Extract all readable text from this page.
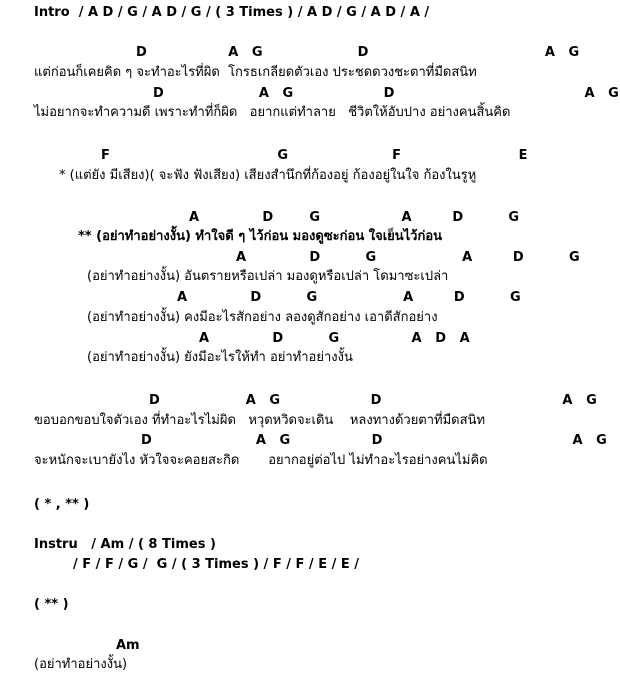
Intro  / A D / G / A D / G / ( 3 Times ) / A D / G / A D / A /
D                  A   G                     D                                       A   G
แต่ก่อนก็เคยคิด ๆ จะทำอะไรที่ผิด  โกรธเกลียดตัวเอง ประชดดวงชะตาที่มืดสนิท
D                     A   G                    D                                          A   G
ไม่อยากจะทำความดี เพราะทำที่ก็ผิด   อยากแต่ทำลาย   ชีวิตให้อับปาง อย่างคนสิ้นคิด
F                                     G                       F                          E
* (แต่ยัง มีเสียง)( จะฟัง ฟังเสียง) เสียงสำนึกที่ก้องอยู่ ก้องอยู่ในใจ ก้องในรูหู
A              D        G                  A         D          G
** (อย่าทำอย่างงั้น) ทำใจดี ๆ ไว้ก่อน มองดูซะก่อน ใจเย็นไว้ก่อน
A              D          G                   A         D          G
(อย่าทำอย่างงั้น) อันตรายหรือเปล่า มองดูหรือเปล่า โดมาซะเปล่า
A              D          G                   A         D          G
(อย่าทำอย่างงั้น) คงมีอะไรสักอย่าง ลองดูสักอย่าง เอาดีสักอย่าง
A              D          G                A   D   A
(อย่าทำอย่างงั้น) ยังมีอะไรให้ทำ อย่าทำอย่างงั้น
D                   A   G                    D                                        A   G
ขอบอกขอบใจตัวเอง ที่ทำอะไรไม่ผิด   หวุดหวิดจะเดิน    หลงทางด้วยตาที่มืดสนิท
D                       A   G                  D                                          A   G
จะหนักจะเบายังไง หัวใจจะคอยสะกิด       อยากอยู่ต่อไป ไม่ทำอะไรอย่างคนไม่คิด
( * , ** )
Instru   / Am / ( 8 Times )
/ F / F / G /  G / ( 3 Times ) / F / F / E / E /
( ** )
Am
(อย่าทำอย่างงั้น)
